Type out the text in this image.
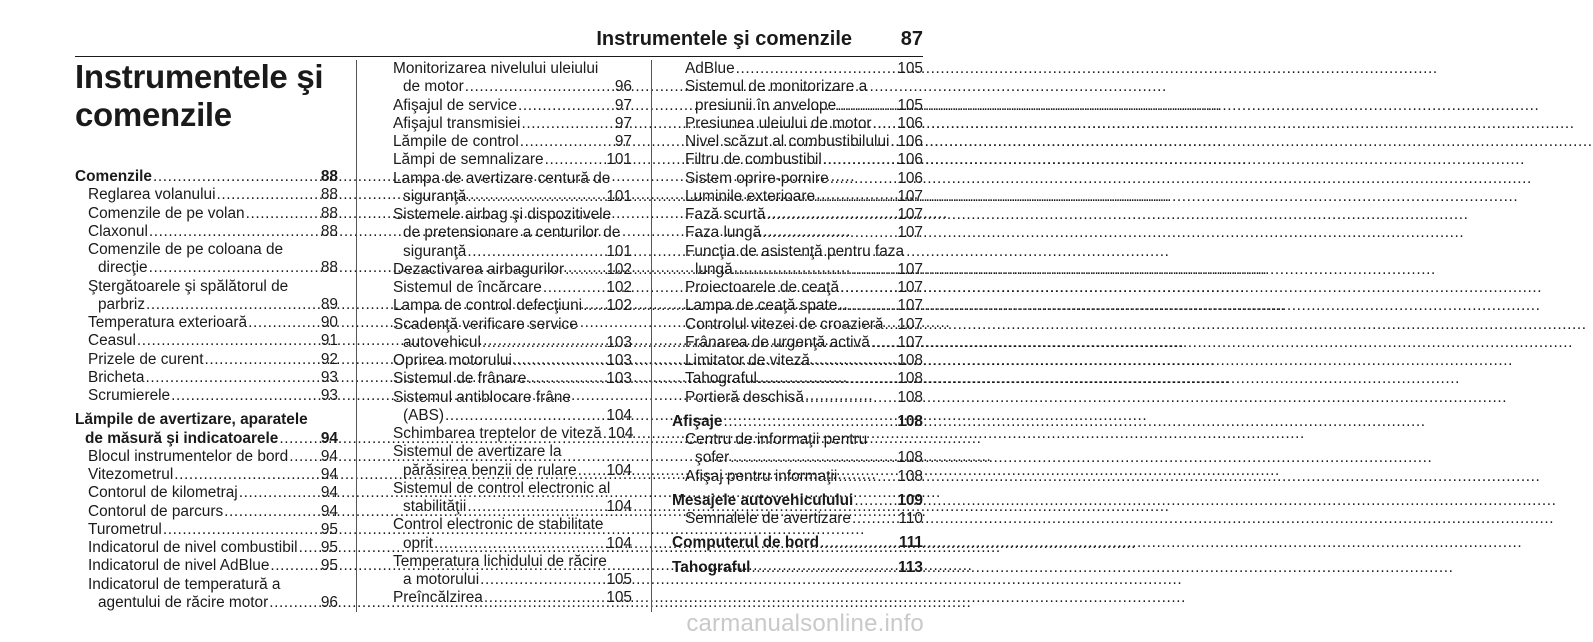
Instrumentele şi comenzile 87
Instrumentele şi
comenzile
Comenzile .....	88
Reglarea volanului .....	88
Comenzile de pe volan .....	88
Claxonul .....	88
Comenzile de pe coloana de
direcţie .....	88
Ştergătoarele şi spălătorul de
parbriz .....	89
Temperatura exterioară .....	90
Ceasul .....	91
Prizele de curent .....	92
Bricheta .....	93
Scrumierele .....	93
Lămpile de avertizare, aparatele
de măsură şi indicatoarele .....	94
Blocul instrumentelor de bord ..... 94
Vitezometrul .....	94
Contorul de kilometraj .....	94
Contorul de parcurs .....	94
Turometrul .....	95
Indicatorul de nivel combustibil ..... 95
Indicatorul de nivel AdBlue .....	95
Indicatorul de temperatură a
agentului de răcire motor .....	96
Monitorizarea nivelului uleiului
de motor .....	96
Afişajul de service .....	97
Afişajul transmisiei .....	97
Lămpile de control .....	97
Lămpi de semnalizare .....	101
Lampa de avertizare centură de
siguranţă .....	101
Sistemele airbag şi dispozitivele
de pretensionare a centurilor de
siguranţă .....	101
Dezactivarea airbagurilor .....	102
Sistemul de încărcare .....	102
Lampa de control defecţiuni ..... 102
Scadenţă verificare service
autovehicul .....	103
Oprirea motorului .....	103
Sistemul de frânare .....	103
Sistemul antiblocare frâne
(ABS) .....	104
Schimbarea treptelor de viteză ..... 104
Sistemul de avertizare la
părăsirea benzii de rulare ..... 104
Sistemul de control electronic al
stabilităţii .....	104
Control electronic de stabilitate
oprit .....	104
Temperatura lichidului de răcire
a motorului .....	105
Preîncălzirea .....	105
AdBlue .....	105
Sistemul de monitorizare a
presiunii în anvelope .....	105
Presiunea uleiului de motor ..... 106
Nivel scăzut al combustibilului ..... 106
Filtru de combustibil .....	106
Sistem oprire-pornire .....	106
Luminile exterioare .....	107
Fază scurtă .....	107
Faza lungă .....	107
Funcţia de asistenţă pentru faza
lungă .....	107
Proiectoarele de ceaţă .....	107
Lampa de ceaţă spate .....	107
Controlul vitezei de croazieră ..... 107
Frânarea de urgenţă activă ..... 107
Limitator de viteză .....	108
Tahograful .....	108
Portieră deschisă .....	108
Afişaje .....	108
Centru de informaţii pentru
şofer .....	108
Afişaj pentru informaţii .....	108
Mesajele autovehiculului .....	109
Semnalele de avertizare .....	110
Computerul de bord .....	111
Tahograful .....	113
carmanualsonline.info
